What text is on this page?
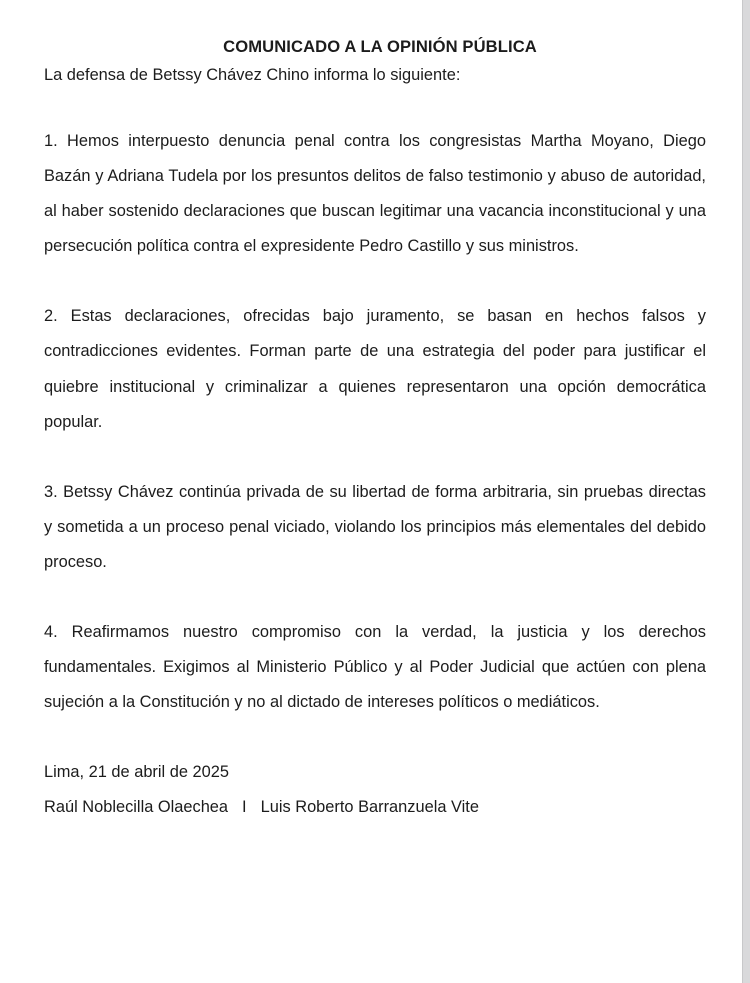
COMUNICADO A LA OPINIÓN PÚBLICA

La defensa de Betssy Chávez Chino informa lo siguiente:

1. Hemos interpuesto denuncia penal contra los congresistas Martha Moyano, Diego Bazán y Adriana Tudela por los presuntos delitos de falso testimonio y abuso de autoridad, al haber sostenido declaraciones que buscan legitimar una vacancia inconstitucional y una persecución política contra el expresidente Pedro Castillo y sus ministros.

2. Estas declaraciones, ofrecidas bajo juramento, se basan en hechos falsos y contradicciones evidentes. Forman parte de una estrategia del poder para justificar el quiebre institucional y criminalizar a quienes representaron una opción democrática popular.

3. Betssy Chávez continúa privada de su libertad de forma arbitraria, sin pruebas directas y sometida a un proceso penal viciado, violando los principios más elementales del debido proceso.

4. Reafirmamos nuestro compromiso con la verdad, la justicia y los derechos fundamentales. Exigimos al Ministerio Público y al Poder Judicial que actúen con plena sujeción a la Constitución y no al dictado de intereses políticos o mediáticos.

Lima, 21 de abril de 2025

Raúl Noblecilla Olaechea I Luis Roberto Barranzuela Vite
